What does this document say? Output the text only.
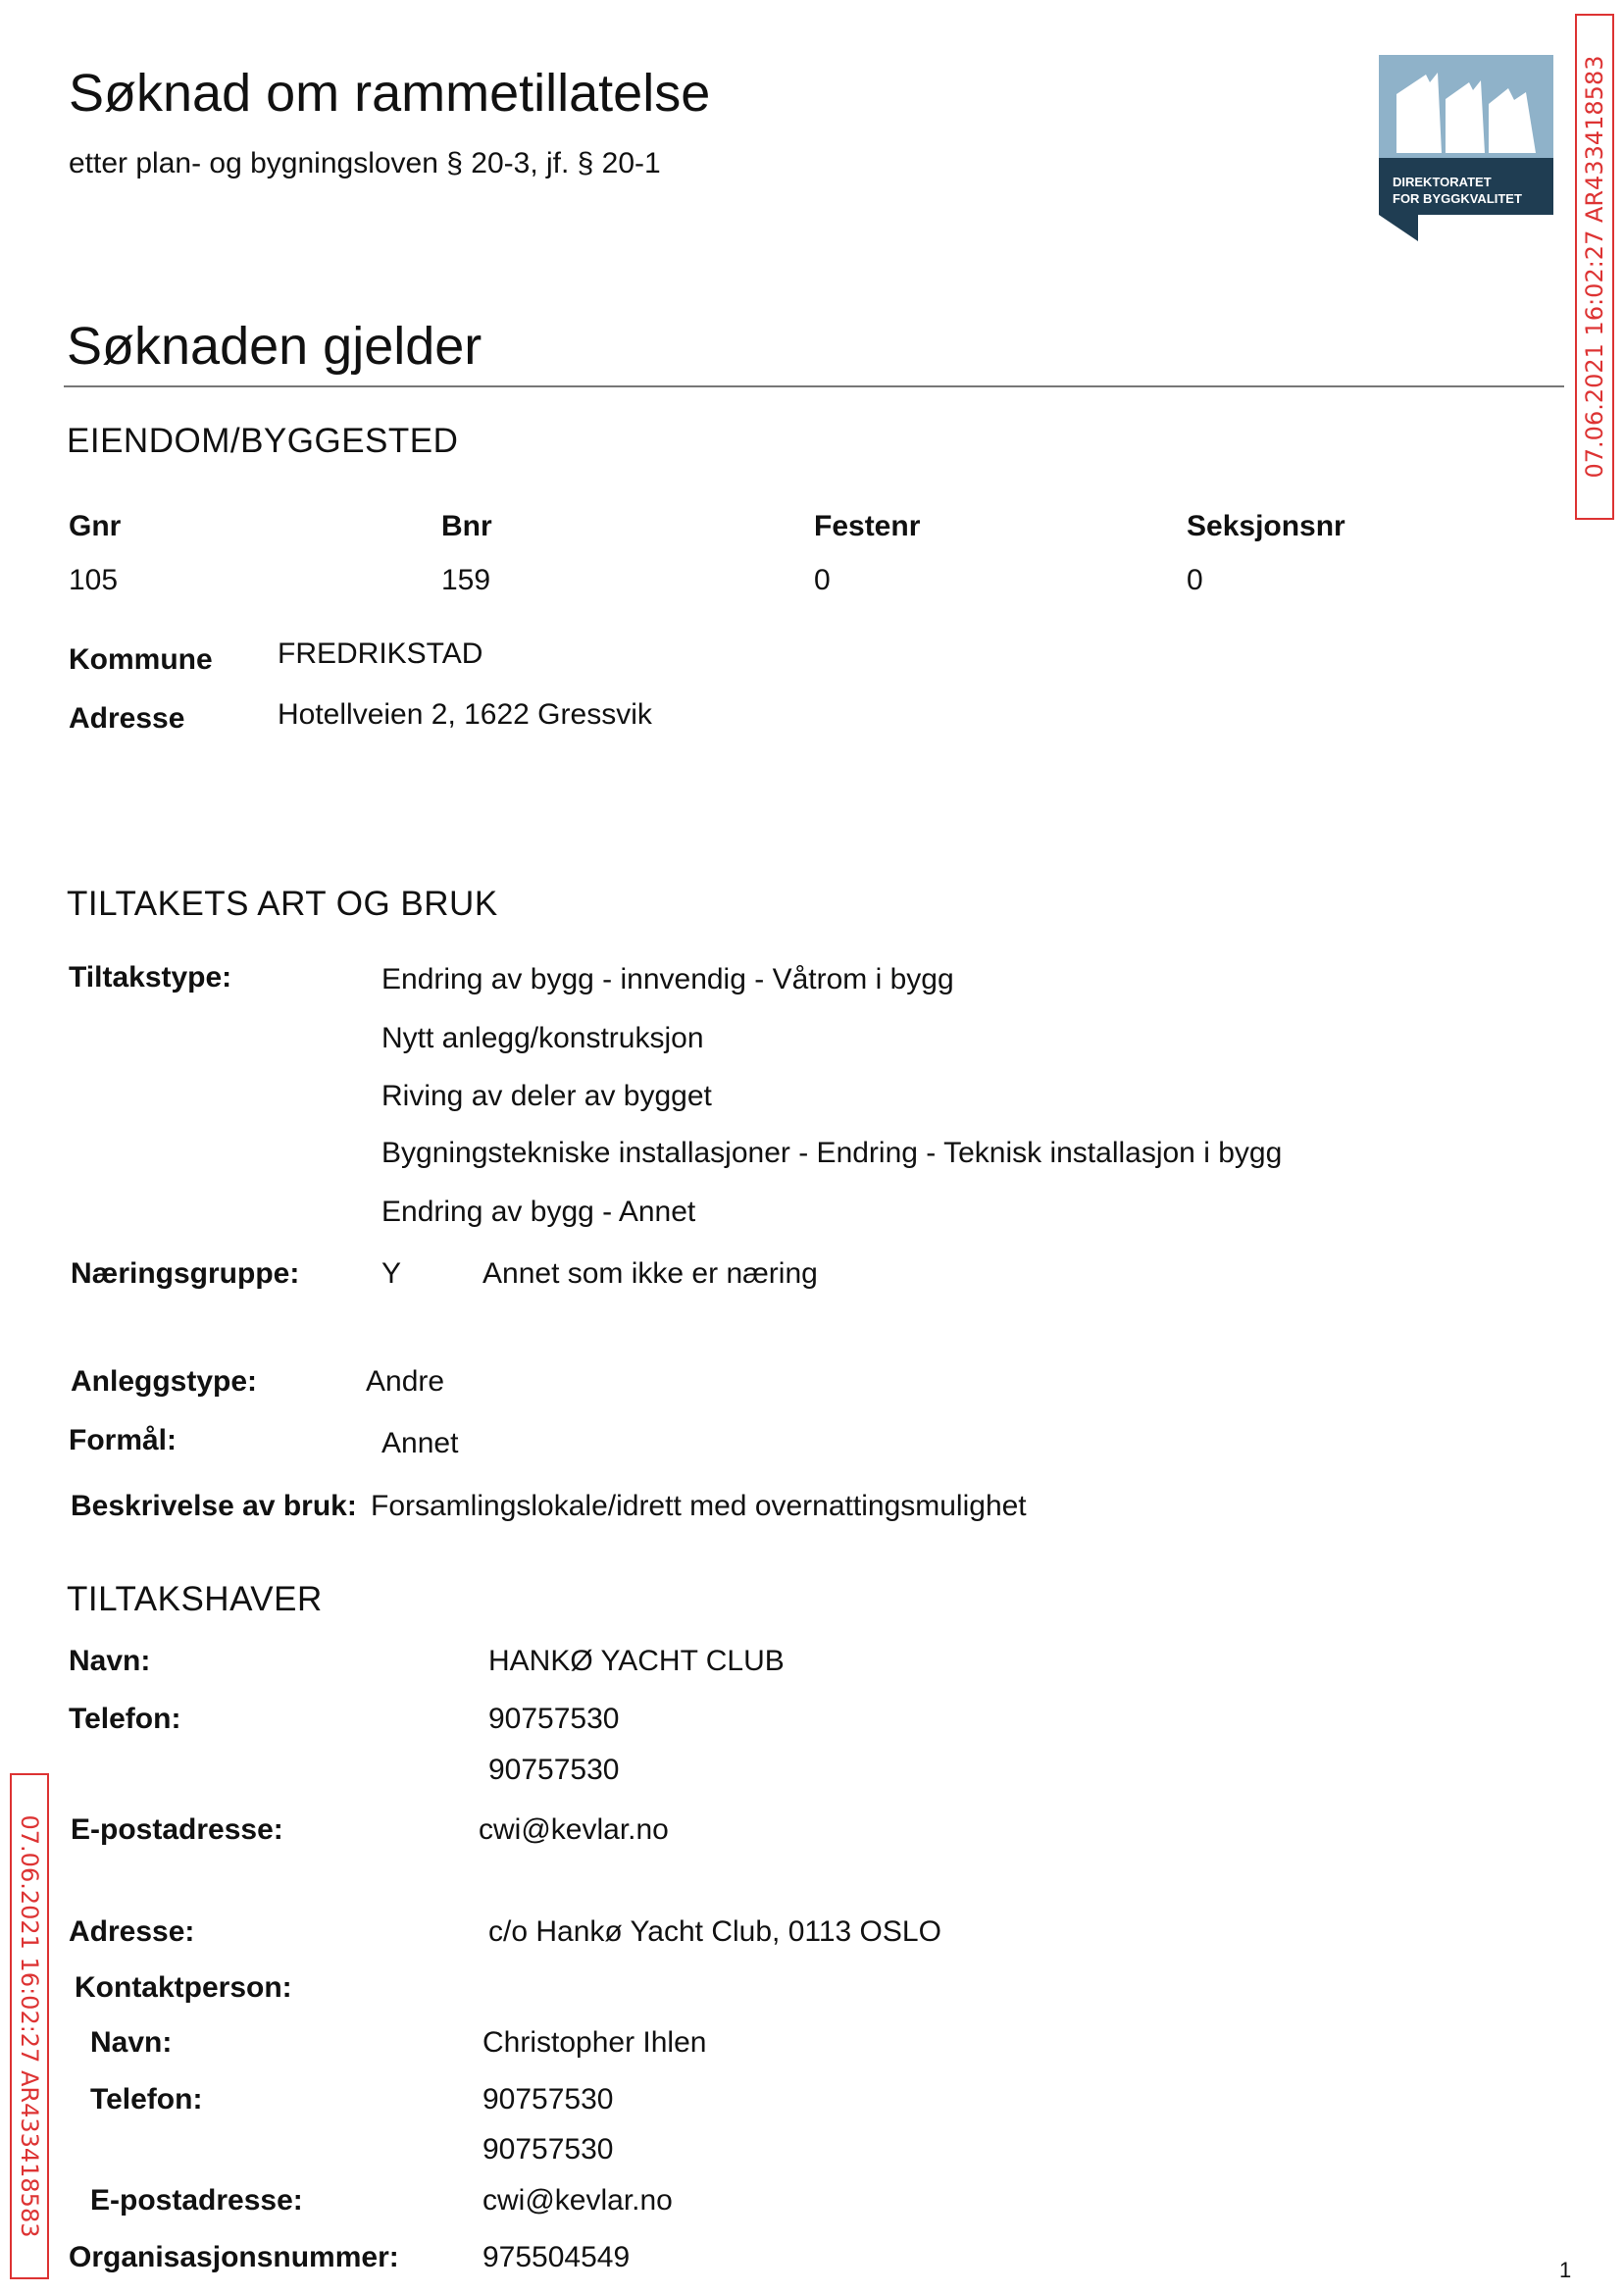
Søknad om rammetillatelse
etter plan- og bygningsloven § 20-3, jf. § 20-1
DIREKTORATET
FOR BYGGKVALITET	07.06.2021 16:02:27 AR433418583
07.06.2021 16:02:27 AR433418583
Søknaden gjelder
EIENDOM/BYGGESTED
Gnr	Bnr	Festenr	Seksjonsnr
105	159	0	0
Kommune FREDRIKSTAD
Adresse	Hotellveien 2, 1622 Gressvik
TILTAKETS ART OG BRUK
Tiltakstype:	Endring av bygg - innvendig - Våtrom i bygg
Nytt anlegg/konstruksjon
Riving av deler av bygget
Bygningstekniske installasjoner - Endring - Teknisk installasjon i bygg
Endring av bygg - Annet
Næringsgruppe:	Y	Annet som ikke er næring
Anleggstype:	Andre
Formål:	Annet
Beskrivelse av bruk: Forsamlingslokale/idrett med overnattingsmulighet
TILTAKSHAVER
Navn:	HANKØ YACHT CLUB
Telefon:	90757530
90757530
E-postadresse:	cwi@kevlar.no
Adresse:	c/o Hankø Yacht Club, 0113 OSLO
Kontaktperson:
Navn:	Christopher Ihlen
Telefon:	90757530
90757530
E-postadresse:	cwi@kevlar.no
Organisasjonsnummer:	975504549	1
